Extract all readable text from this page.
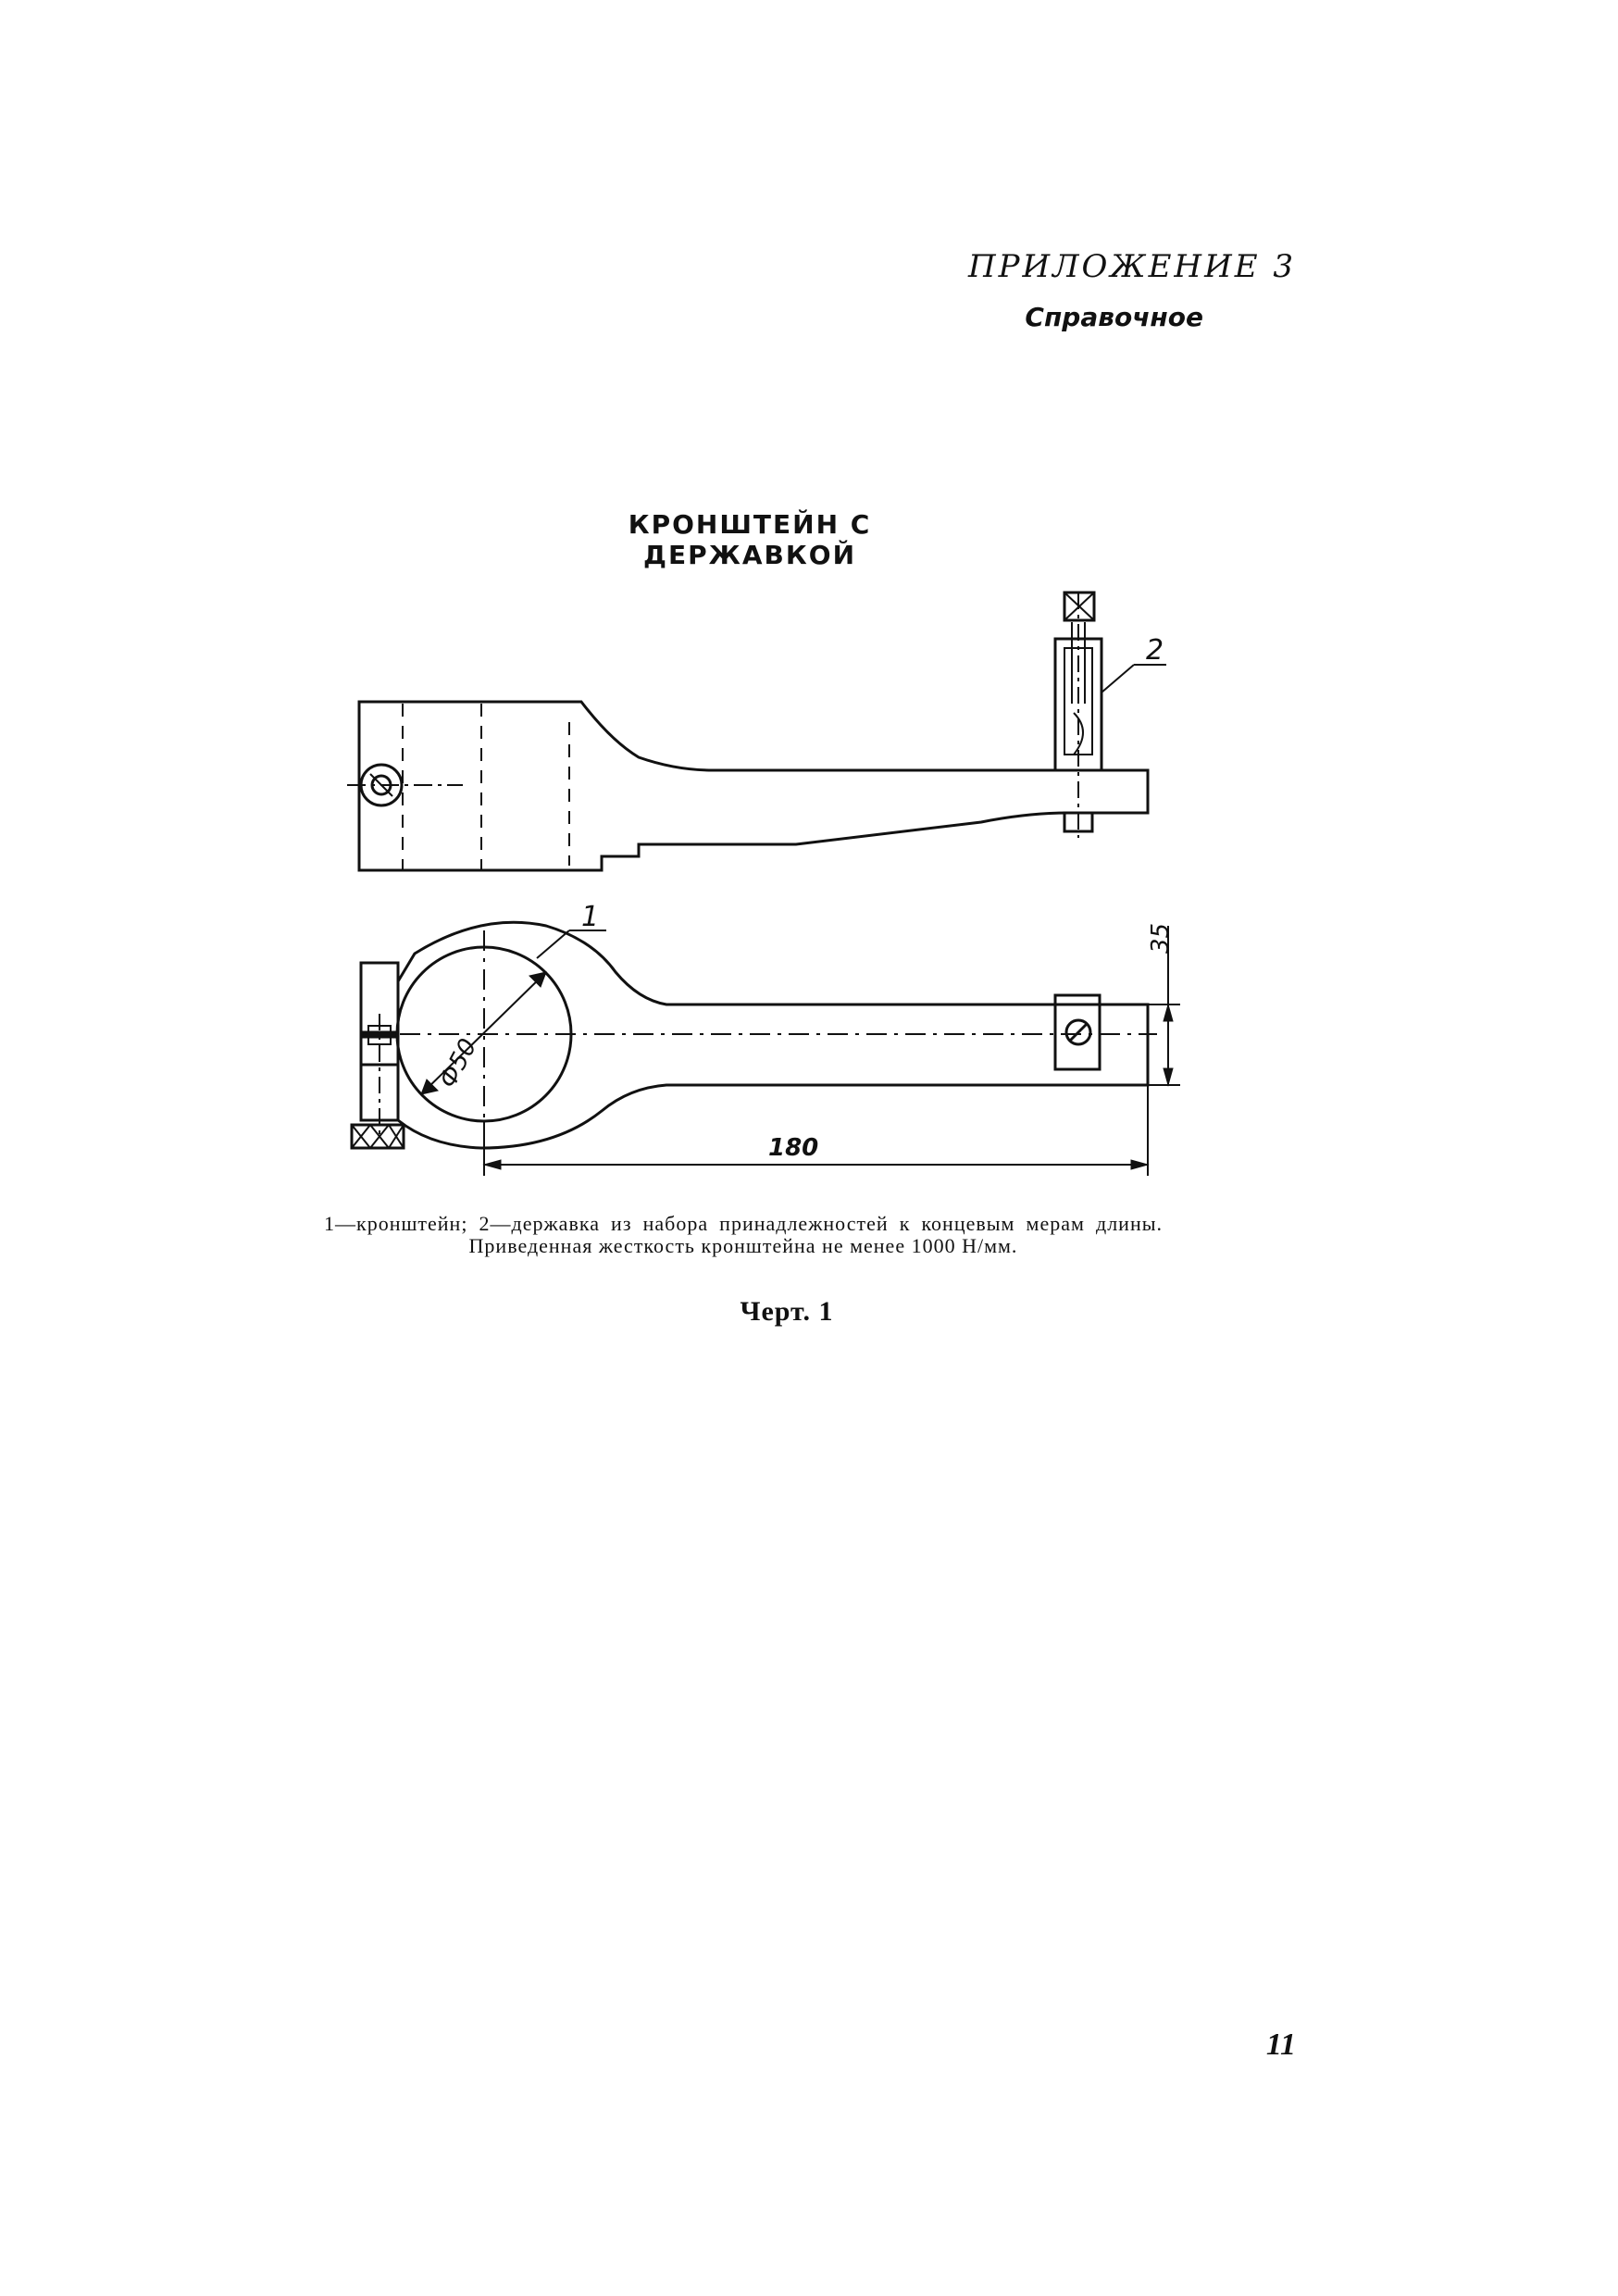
ПРИЛОЖЕНИЕ 3
Справочное
КРОНШТЕЙН С ДЕРЖАВКОЙ
2
1
Ф50
35
180
1—кронштейн; 2—державка из набора принадлежностей к концевым мерам длины. Приведенная жесткость кронштейна не менее 1000 Н/мм.
Черт. 1
11
